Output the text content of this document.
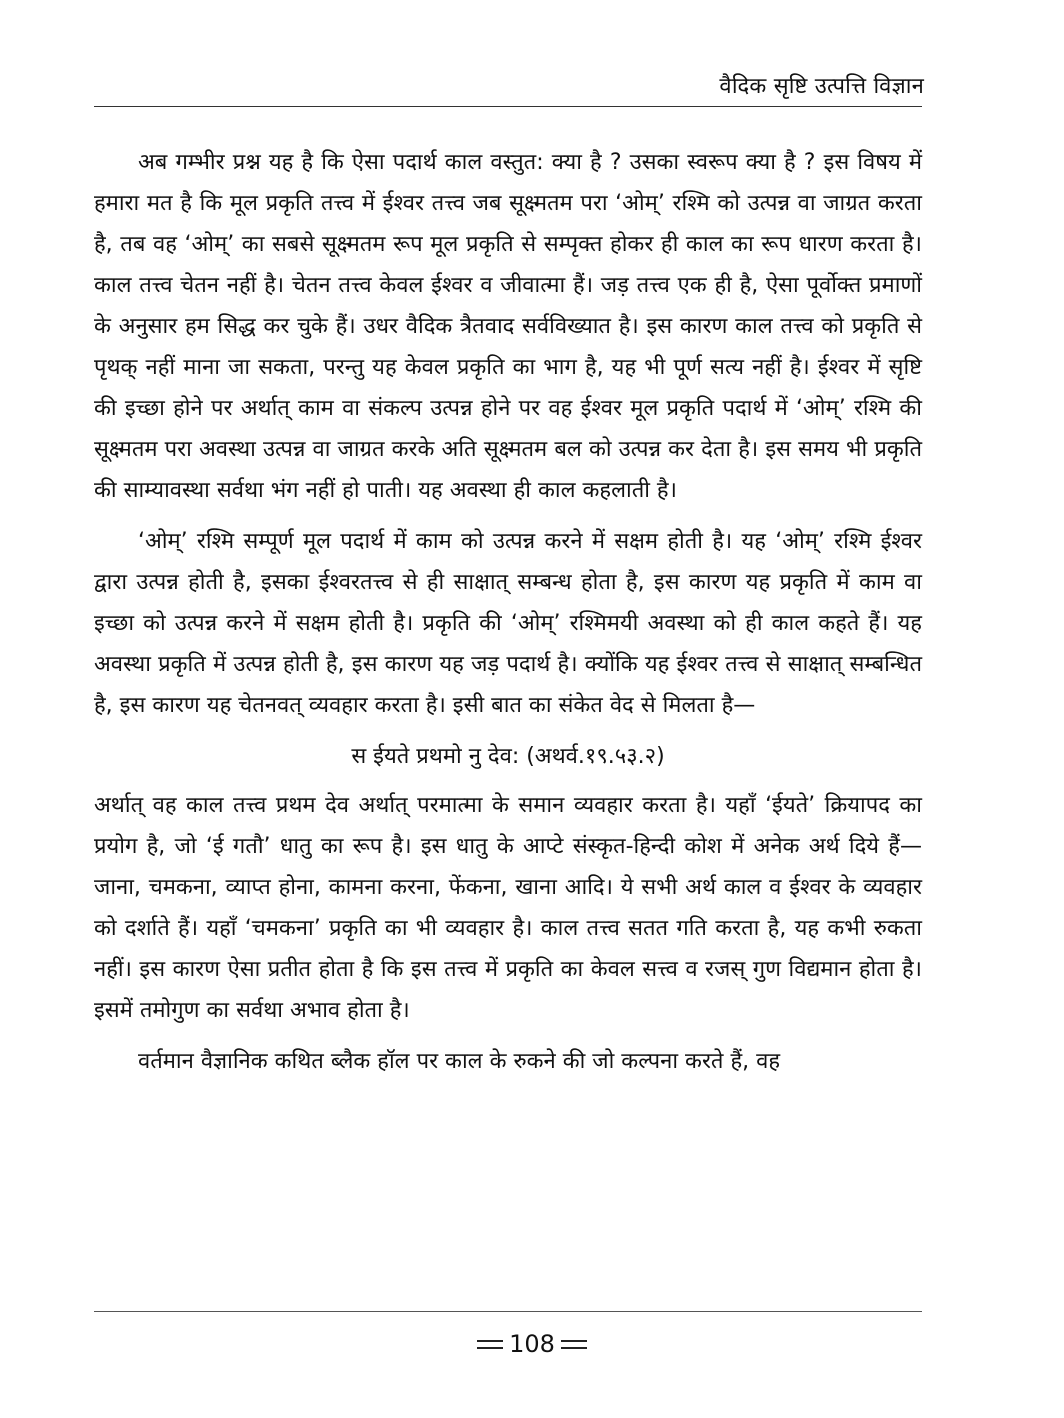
वैदिक सृष्टि उत्पत्ति विज्ञान

अब गम्भीर प्रश्न यह है कि ऐसा पदार्थ काल वस्तुत: क्या है ? उसका स्वरूप क्या है ? इस विषय में हमारा मत है कि मूल प्रकृति तत्त्व में ईश्वर तत्त्व जब सूक्ष्मतम परा ‘ओम्’ रश्मि को उत्पन्न वा जाग्रत करता है, तब वह ‘ओम्’ का सबसे सूक्ष्मतम रूप मूल प्रकृति से सम्पृक्त होकर ही काल का रूप धारण करता है। काल तत्त्व चेतन नहीं है। चेतन तत्त्व केवल ईश्वर व जीवात्मा हैं। जड़ तत्त्व एक ही है, ऐसा पूर्वोक्त प्रमाणों के अनुसार हम सिद्ध कर चुके हैं। उधर वैदिक त्रैतवाद सर्वविख्यात है। इस कारण काल तत्त्व को प्रकृति से पृथक् नहीं माना जा सकता, परन्तु यह केवल प्रकृति का भाग है, यह भी पूर्ण सत्य नहीं है। ईश्वर में सृष्टि की इच्छा होने पर अर्थात् काम वा संकल्प उत्पन्न होने पर वह ईश्वर मूल प्रकृति पदार्थ में ‘ओम्’ रश्मि की सूक्ष्मतम परा अवस्था उत्पन्न वा जाग्रत करके अति सूक्ष्मतम बल को उत्पन्न कर देता है। इस समय भी प्रकृति की साम्यावस्था सर्वथा भंग नहीं हो पाती। यह अवस्था ही काल कहलाती है।

‘ओम्’ रश्मि सम्पूर्ण मूल पदार्थ में काम को उत्पन्न करने में सक्षम होती है। यह ‘ओम्’ रश्मि ईश्वर द्वारा उत्पन्न होती है, इसका ईश्वरतत्त्व से ही साक्षात् सम्बन्ध होता है, इस कारण यह प्रकृति में काम वा इच्छा को उत्पन्न करने में सक्षम होती है। प्रकृति की ‘ओम्’ रश्मिमयी अवस्था को ही काल कहते हैं। यह अवस्था प्रकृति में उत्पन्न होती है, इस कारण यह जड़ पदार्थ है। क्योंकि यह ईश्वर तत्त्व से साक्षात् सम्बन्धित है, इस कारण यह चेतनवत् व्यवहार करता है। इसी बात का संकेत वेद से मिलता है—

स ईयते प्रथमो नु देव: (अथर्व.१९.५३.२)

अर्थात् वह काल तत्त्व प्रथम देव अर्थात् परमात्मा के समान व्यवहार करता है। यहाँ ‘ईयते’ क्रियापद का प्रयोग है, जो ‘ई गतौ’ धातु का रूप है। इस धातु के आप्टे संस्कृत-हिन्दी कोश में अनेक अर्थ दिये हैं— जाना, चमकना, व्याप्त होना, कामना करना, फेंकना, खाना आदि। ये सभी अर्थ काल व ईश्वर के व्यवहार को दर्शाते हैं। यहाँ ‘चमकना’ प्रकृति का भी व्यवहार है। काल तत्त्व सतत गति करता है, यह कभी रुकता नहीं। इस कारण ऐसा प्रतीत होता है कि इस तत्त्व में प्रकृति का केवल सत्त्व व रजस् गुण विद्यमान होता है। इसमें तमोगुण का सर्वथा अभाव होता है।

वर्तमान वैज्ञानिक कथित ब्लैक हॉल पर काल के रुकने की जो कल्पना करते हैं, वह

108
